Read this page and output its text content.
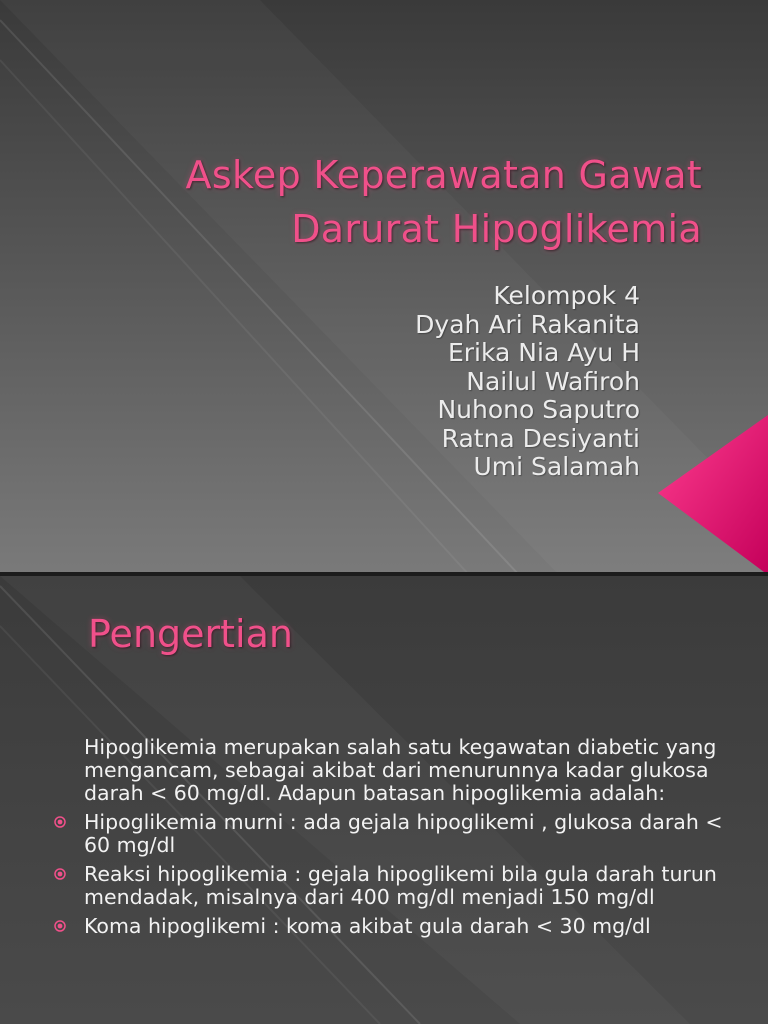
Askep Keperawatan Gawat
Darurat Hipoglikemia
Kelompok 4
Dyah Ari Rakanita
Erika Nia Ayu H
Nailul Wafiroh
Nuhono Saputro
Ratna Desiyanti
Umi Salamah
Pengertian

Hipoglikemia merupakan salah satu kegawatan diabetic yang mengancam, sebagai akibat dari menurunnya kadar glukosa darah < 60 mg/dl. Adapun batasan hipoglikemia adalah:

Hipoglikemia murni : ada gejala hipoglikemi , glukosa darah < 60 mg/dl
Reaksi hipoglikemia : gejala hipoglikemi bila gula darah turun mendadak, misalnya dari 400 mg/dl menjadi 150 mg/dl
Koma hipoglikemi : koma akibat gula darah < 30 mg/dl
